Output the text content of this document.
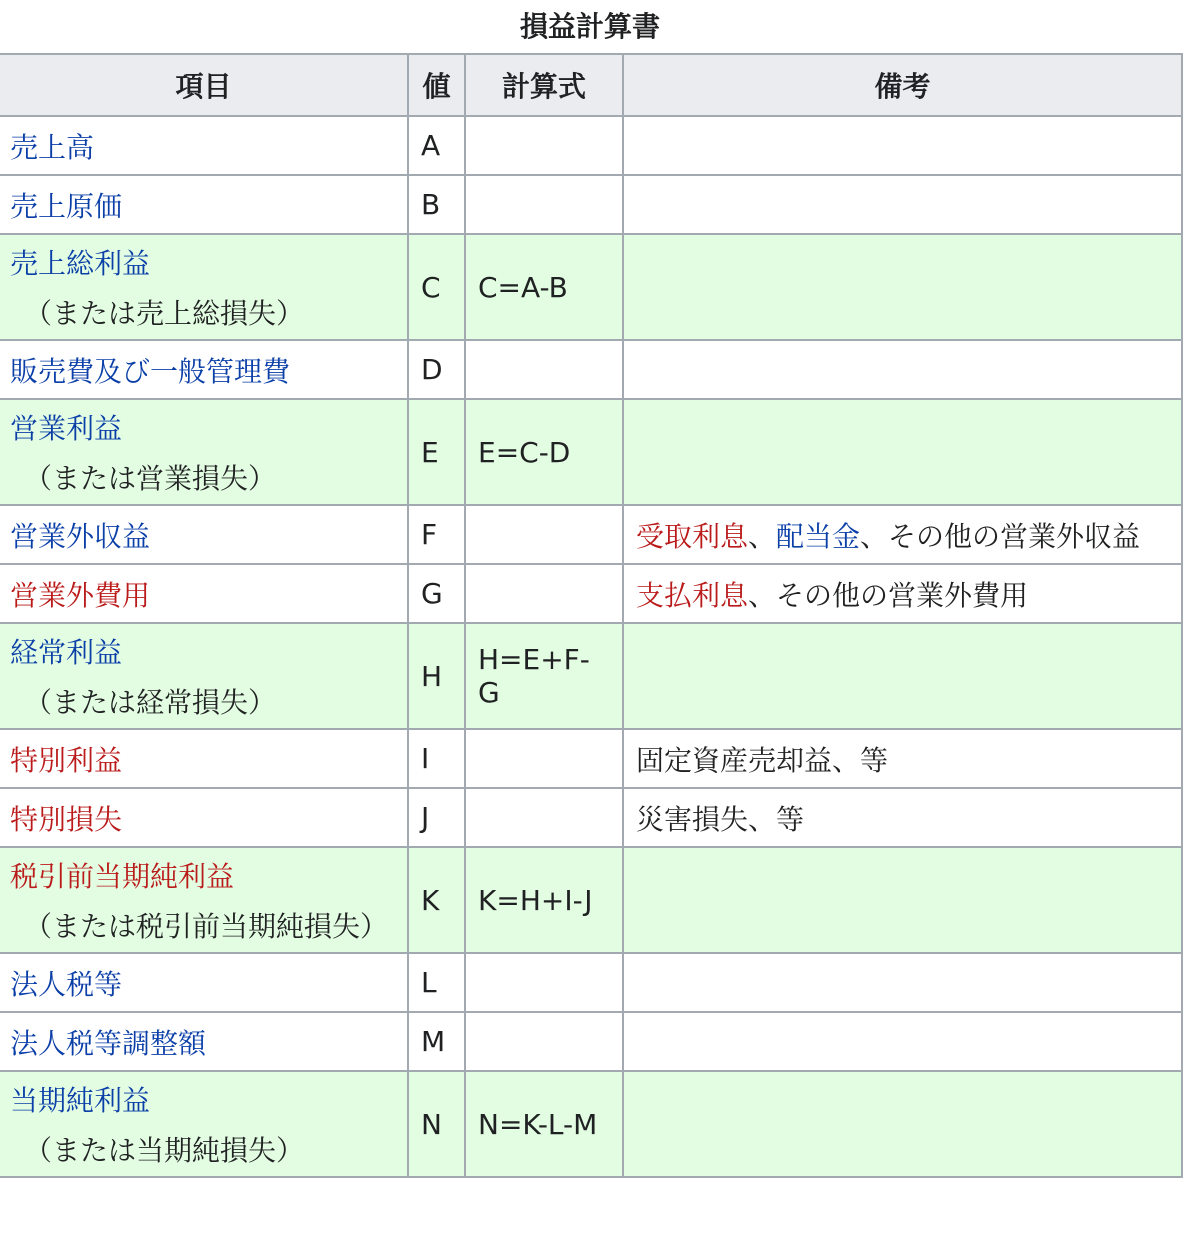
損益計算書
項目	値	計算式	備考

売上高	A		

売上原価	B		

売上総利益
（または売上総損失）	C	C=A-B	

販売費及び一般管理費	D		

営業利益
（または営業損失）	E	E=C-D	

営業外収益	F		受取利息、配当金、その他の営業外収益

営業外費用	G		支払利息、その他の営業外費用

経常利益
（または経常損失）	H	H=E+F-G	

特別利益	I		固定資産売却益、等

特別損失	J		災害損失、等

税引前当期純利益
（または税引前当期純損失）	K	K=H+I-J	

法人税等	L		

法人税等調整額	M		

当期純利益
（または当期純損失）	N	N=K-L-M	
